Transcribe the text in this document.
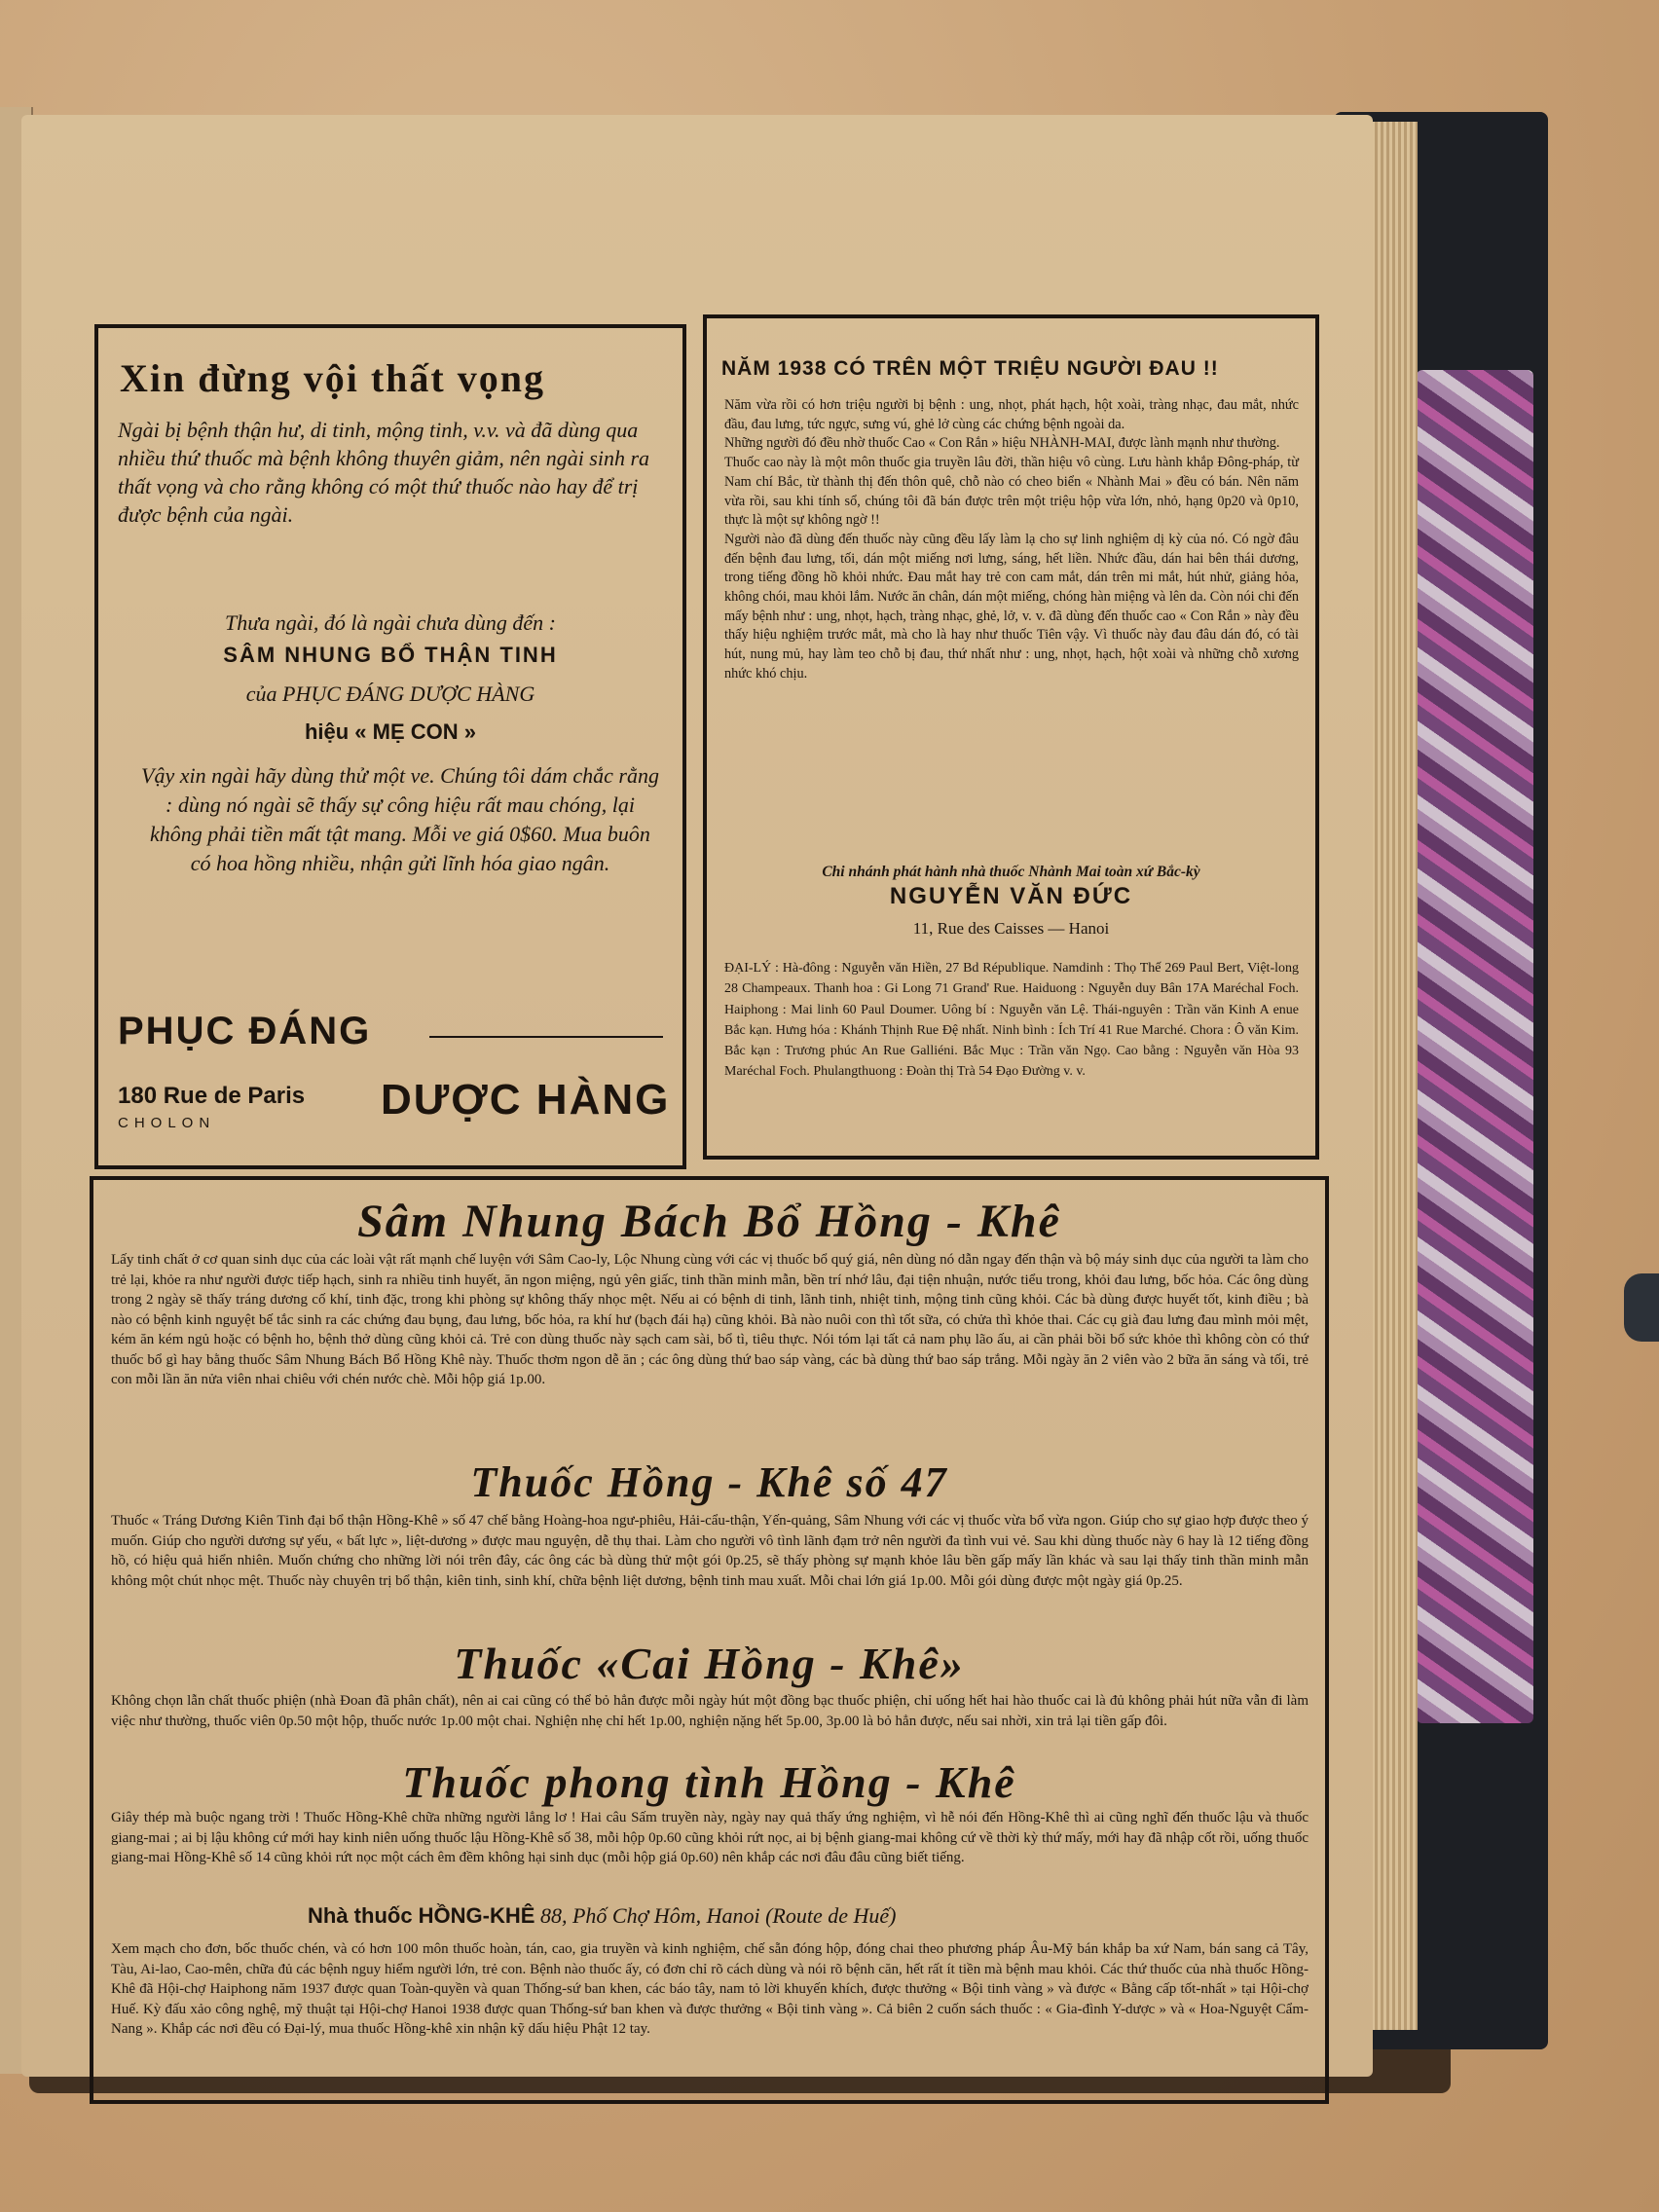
Xin đừng vội thất vọng
Ngài bị bệnh thận hư, di tinh, mộng tinh, v.v. và đã dùng qua nhiều thứ thuốc mà bệnh không thuyên giảm, nên ngài sinh ra thất vọng và cho rằng không có một thứ thuốc nào hay để trị được bệnh của ngài.
Thưa ngài, đó là ngài chưa dùng đến :
SÂM NHUNG BỔ THẬN TINH
của PHỤC ĐÁNG DƯỢC HÀNG
hiệu « MẸ CON »
Vậy xin ngài hãy dùng thử một ve. Chúng tôi dám chắc rằng : dùng nó ngài sẽ thấy sự công hiệu rất mau chóng, lại không phải tiền mất tật mang. Mỗi ve giá 0$60. Mua buôn có hoa hồng nhiều, nhận gửi lĩnh hóa giao ngân.
PHỤC ĐÁNG
180 Rue de Paris
CHOLON	DƯỢC HÀNG
NĂM 1938 CÓ TRÊN MỘT TRIỆU NGƯỜI ĐAU !!

Năm vừa rồi có hơn triệu người bị bệnh : ung, nhọt, phát hạch, hột xoài, tràng nhạc, đau mắt, nhức đầu, đau lưng, tức ngực, sưng vú, ghẻ lở cùng các chứng bệnh ngoài da.

Những người đó đều nhờ thuốc Cao « Con Rắn » hiệu NHÀNH-MAI, được lành mạnh như thường.

Thuốc cao này là một môn thuốc gia truyền lâu đời, thần hiệu vô cùng. Lưu hành khắp Đông-pháp, từ Nam chí Bắc, từ thành thị đến thôn quê, chỗ nào có cheo biển « Nhành Mai » đều có bán. Nên năm vừa rồi, sau khi tính sổ, chúng tôi đã bán được trên một triệu hộp vừa lớn, nhỏ, hạng 0p20 và 0p10, thực là một sự không ngờ !!

Người nào đã dùng đến thuốc này cũng đều lấy làm lạ cho sự linh nghiệm dị kỳ của nó. Có ngờ đâu đến bệnh đau lưng, tối, dán một miếng nơi lưng, sáng, hết liền. Nhức đầu, dán hai bên thái dương, trong tiếng đồng hồ khỏi nhức. Đau mắt hay trẻ con cam mắt, dán trên mi mắt, hút nhử, giảng hỏa, không chói, mau khỏi lắm. Nước ăn chân, dán một miếng, chóng hàn miệng và lên da. Còn nói chi đến mấy bệnh như : ung, nhọt, hạch, tràng nhạc, ghẻ, lở, v. v. đã dùng đến thuốc cao « Con Rắn » này đều thấy hiệu nghiệm trước mắt, mà cho là hay như thuốc Tiên vậy. Vì thuốc này đau đâu dán đó, có tài hút, nung mủ, hay làm teo chỗ bị đau, thứ nhất như : ung, nhọt, hạch, hột xoài và những chỗ xương nhức khó chịu.

Chi nhánh phát hành nhà thuốc Nhành Mai toàn xứ Bắc-kỳ
NGUYỄN VĂN ĐỨC
11, Rue des Caisses — Hanoi
ĐẠI-LÝ : Hà-đông : Nguyễn văn Hiền, 27 Bd République. Namdinh : Thọ Thế 269 Paul Bert, Việt-long 28 Champeaux. Thanh hoa : Gi Long 71 Grand' Rue. Haiduong : Nguyễn duy Bân 17A Maréchal Foch. Haiphong : Mai linh 60 Paul Doumer. Uông bí : Nguyễn văn Lệ. Thái-nguyên : Trần văn Kinh A enue Bắc kạn. Hưng hóa : Khánh Thịnh Rue Đệ nhất. Ninh bình : Ích Trí 41 Rue Marché. Chora : Ô văn Kim. Bắc kạn : Trương phúc An Rue Galliéni. Bắc Mục : Trần văn Ngọ. Cao bằng : Nguyễn văn Hòa 93 Maréchal Foch. Phulangthuong : Đoàn thị Trà 54 Đạo Đường v. v.
Sâm Nhung Bách Bổ Hồng - Khê
Lấy tinh chất ở cơ quan sinh dục của các loài vật rất mạnh chế luyện với Sâm Cao-ly, Lộc Nhung cùng với các vị thuốc bổ quý giá, nên dùng nó dẫn ngay đến thận và bộ máy sinh dục của người ta làm cho trẻ lại, khỏe ra như người được tiếp hạch, sinh ra nhiều tinh huyết, ăn ngon miệng, ngủ yên giấc, tinh thần minh mẫn, bền trí nhớ lâu, đại tiện nhuận, nước tiểu trong, khỏi đau lưng, bốc hỏa. Các ông dùng trong 2 ngày sẽ thấy tráng dương cố khí, tinh đặc, trong khi phòng sự không thấy nhọc mệt. Nếu ai có bệnh di tinh, lãnh tinh, nhiệt tinh, mộng tinh cũng khỏi. Các bà dùng được huyết tốt, kinh điều ; bà nào có bệnh kinh nguyệt bế tắc sinh ra các chứng đau bụng, đau lưng, bốc hỏa, ra khí hư (bạch đái hạ) cũng khỏi. Bà nào nuôi con thì tốt sữa, có chửa thì khỏe thai. Các cụ già đau lưng đau mình mỏi mệt, kém ăn kém ngủ hoặc có bệnh ho, bệnh thở dùng cũng khỏi cả. Trẻ con dùng thuốc này sạch cam sài, bổ tì, tiêu thực. Nói tóm lại tất cả nam phụ lão ấu, ai cần phải bồi bổ sức khỏe thì không còn có thứ thuốc bổ gì hay bằng thuốc Sâm Nhung Bách Bổ Hồng Khê này. Thuốc thơm ngon dễ ăn ; các ông dùng thứ bao sáp vàng, các bà dùng thứ bao sáp trắng. Mỗi ngày ăn 2 viên vào 2 bữa ăn sáng và tối, trẻ con mỗi lần ăn nửa viên nhai chiêu với chén nước chè. Mỗi hộp giá 1p.00.
Thuốc Hồng - Khê số 47
Thuốc « Tráng Dương Kiên Tinh đại bổ thận Hồng-Khê » số 47 chế bằng Hoàng-hoa ngư-phiêu, Hải-cẩu-thận, Yến-quảng, Sâm Nhung với các vị thuốc vừa bổ vừa ngon. Giúp cho sự giao hợp được theo ý muốn. Giúp cho người dương sự yếu, « bất lực », liệt-dương » được mau nguyện, dễ thụ thai. Làm cho người vô tình lãnh đạm trở nên người đa tình vui vẻ. Sau khi dùng thuốc này 6 hay là 12 tiếng đồng hồ, có hiệu quả hiển nhiên. Muốn chứng cho những lời nói trên đây, các ông các bà dùng thử một gói 0p.25, sẽ thấy phòng sự mạnh khỏe lâu bền gấp mấy lần khác và sau lại thấy tinh thần minh mẫn không một chút nhọc mệt. Thuốc này chuyên trị bổ thận, kiên tinh, sinh khí, chữa bệnh liệt dương, bệnh tinh mau xuất. Mỗi chai lớn giá 1p.00. Mỗi gói dùng được một ngày giá 0p.25.
Thuốc «Cai Hồng - Khê»
Không chọn lẫn chất thuốc phiện (nhà Đoan đã phân chất), nên ai cai cũng có thể bỏ hẳn được mỗi ngày hút một đồng bạc thuốc phiện, chỉ uống hết hai hào thuốc cai là đủ không phải hút nữa vẫn đi làm việc như thường, thuốc viên 0p.50 một hộp, thuốc nước 1p.00 một chai. Nghiện nhẹ chỉ hết 1p.00, nghiện nặng hết 5p.00, 3p.00 là bỏ hẳn được, nếu sai nhời, xin trả lại tiền gấp đôi.
Thuốc phong tình Hồng - Khê
Giây thép mà buộc ngang trời ! Thuốc Hồng-Khê chữa những người lẳng lơ ! Hai câu Sấm truyền này, ngày nay quả thấy ứng nghiệm, vì hễ nói đến Hồng-Khê thì ai cũng nghĩ đến thuốc lậu và thuốc giang-mai ; ai bị lậu không cứ mới hay kinh niên uống thuốc lậu Hồng-Khê số 38, mỗi hộp 0p.60 cũng khỏi rứt nọc, ai bị bệnh giang-mai không cứ về thời kỳ thứ mấy, mới hay đã nhập cốt rồi, uống thuốc giang-mai Hồng-Khê số 14 cũng khỏi rứt nọc một cách êm đềm không hại sinh dục (mỗi hộp giá 0p.60) nên khắp các nơi đâu đâu cũng biết tiếng.
Nhà thuốc HỒNG-KHÊ 88, Phố Chợ Hôm, Hanoi (Route de Huế)
Xem mạch cho đơn, bốc thuốc chén, và có hơn 100 môn thuốc hoàn, tán, cao, gia truyền và kinh nghiệm, chế sẵn đóng hộp, đóng chai theo phương pháp Âu-Mỹ bán khắp ba xứ Nam, bán sang cả Tây, Tàu, Ai-lao, Cao-mên, chữa đủ các bệnh nguy hiểm người lớn, trẻ con. Bệnh nào thuốc ấy, có đơn chỉ rõ cách dùng và nói rõ bệnh căn, hết rất ít tiền mà bệnh mau khỏi. Các thứ thuốc của nhà thuốc Hồng-Khê đã Hội-chợ Haiphong năm 1937 được quan Toàn-quyền và quan Thống-sứ ban khen, các báo tây, nam tỏ lời khuyến khích, được thưởng « Bội tinh vàng » và được « Bằng cấp tốt-nhất » tại Hội-chợ Huế. Kỳ đấu xảo công nghệ, mỹ thuật tại Hội-chợ Hanoi 1938 được quan Thống-sứ ban khen và được thưởng « Bội tinh vàng ». Cả biên 2 cuốn sách thuốc : « Gia-đình Y-dược » và « Hoa-Nguyệt Cẩm-Nang ». Khắp các nơi đều có Đại-lý, mua thuốc Hồng-khê xin nhận kỹ dấu hiệu Phật 12 tay.
